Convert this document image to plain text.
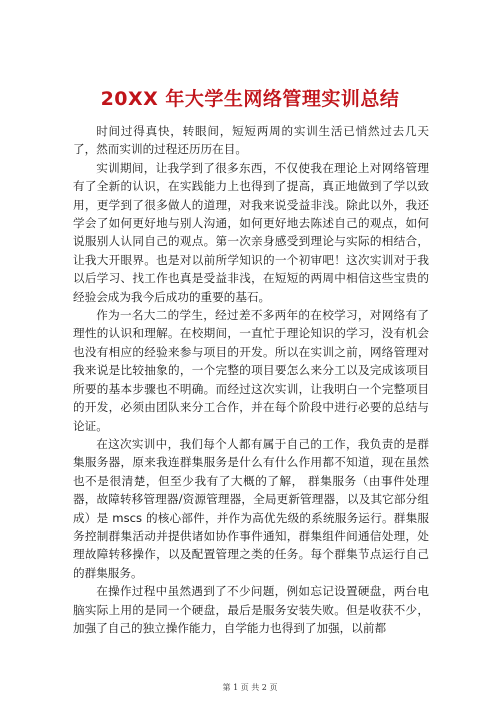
20XX 年大学生网络管理实训总结

时间过得真快，转眼间，短短两周的实训生活已悄然过去几天了，然而实训的过程还历历在目。

实训期间，让我学到了很多东西，不仅使我在理论上对网络管理有了全新的认识，在实践能力上也得到了提高，真正地做到了学以致用，更学到了很多做人的道理，对我来说受益非浅。除此以外，我还学会了如何更好地与别人沟通，如何更好地去陈述自己的观点，如何说服别人认同自己的观点。第一次亲身感受到理论与实际的相结合，让我大开眼界。也是对以前所学知识的一个初审吧！这次实训对于我以后学习、找工作也真是受益非浅，在短短的两周中相信这些宝贵的经验会成为我今后成功的重要的基石。

作为一名大二的学生，经过差不多两年的在校学习，对网络有了理性的认识和理解。在校期间，一直忙于理论知识的学习，没有机会也没有相应的经验来参与项目的开发。所以在实训之前，网络管理对我来说是比较抽象的，一个完整的项目要怎么来分工以及完成该项目所要的基本步骤也不明确。而经过这次实训，让我明白一个完整项目的开发，必须由团队来分工合作，并在每个阶段中进行必要的总结与论证。

在这次实训中，我们每个人都有属于自己的工作，我负责的是群集服务器，原来我连群集服务是什么有什么作用都不知道，现在虽然也不是很清楚，但至少我有了大概的了解， 群集服务（由事件处理器，故障转移管理器/资源管理器，全局更新管理器，以及其它部分组成）是 mscs 的核心部件，并作为高优先级的系统服务运行。群集服务控制群集活动并提供诸如协作事件通知，群集组件间通信处理，处理故障转移操作，以及配置管理之类的任务。每个群集节点运行自己的群集服务。

在操作过程中虽然遇到了不少问题，例如忘记设置硬盘，两台电脑实际上用的是同一个硬盘，最后是服务安装失败。但是收获不少，加强了自己的独立操作能力，自学能力也得到了加强，以前都

第 1 页 共 2 页
